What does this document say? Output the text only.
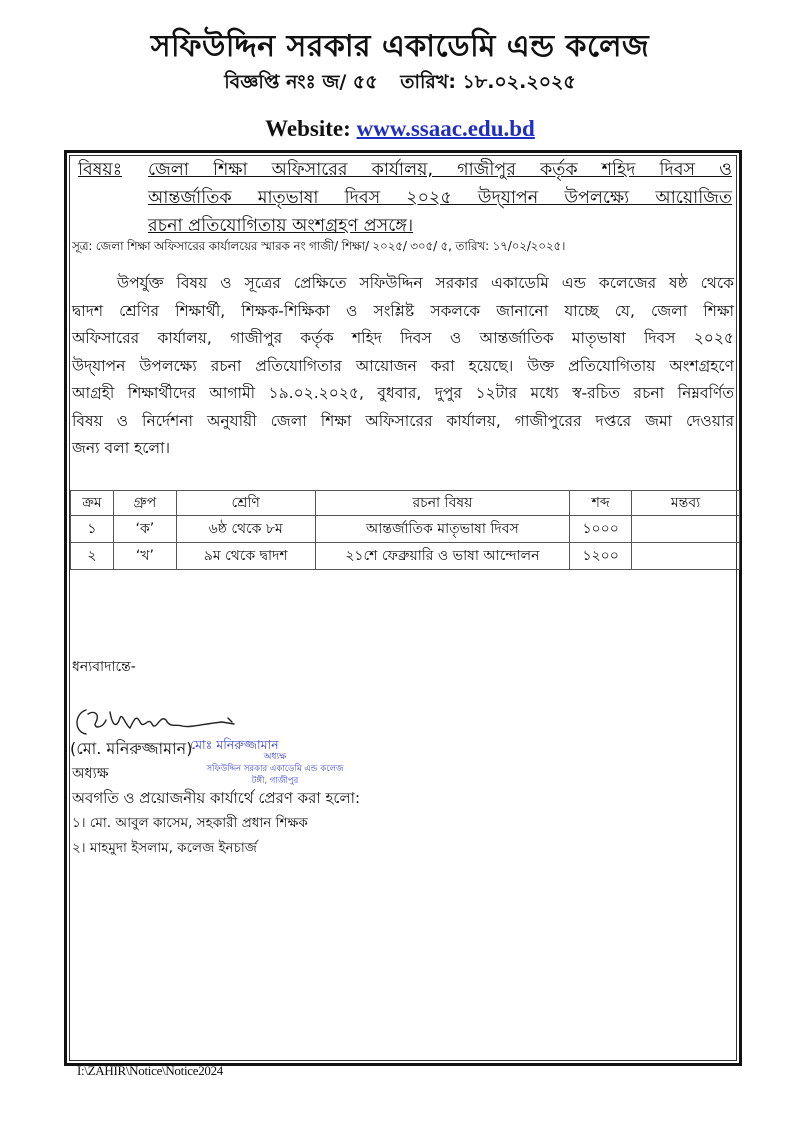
সফিউদ্দিন সরকার একাডেমি এন্ড কলেজ
বিজ্ঞপ্তি নংঃ জ/ ৫৫ তারিখ: ১৮.০২.২০২৫
Website: www.ssaac.edu.bd
বিষয়ঃ জেলা শিক্ষা অফিসারের কার্যালয়, গাজীপুর কর্তৃক শহিদ দিবস ও
আন্তর্জাতিক মাতৃভাষা দিবস ২০২৫ উদ্‌যাপন উপলক্ষ্যে আয়োজিত
রচনা প্রতিযোগিতায় অংশগ্রহণ প্রসঙ্গে।
সূত্র: জেলা শিক্ষা অফিসারের কার্যালয়ের স্মারক নং গাজী/ শিক্ষা/ ২০২৫/ ৩০৫/ ৫, তারিখ: ১৭/০২/২০২৫।
উপর্যুক্ত বিষয় ও সূত্রের প্রেক্ষিতে সফিউদ্দিন সরকার একাডেমি এন্ড কলেজের ষষ্ঠ থেকে
দ্বাদশ শ্রেণির শিক্ষার্থী, শিক্ষক-শিক্ষিকা ও সংশ্লিষ্ট সকলকে জানানো যাচ্ছে যে, জেলা শিক্ষা
অফিসারের কার্যালয়, গাজীপুর কর্তৃক শহিদ দিবস ও আন্তর্জাতিক মাতৃভাষা দিবস ২০২৫
উদ্‌যাপন উপলক্ষ্যে রচনা প্রতিযোগিতার আয়োজন করা হয়েছে। উক্ত প্রতিযোগিতায় অংশগ্রহণে
আগ্রহী শিক্ষার্থীদের আগামী ১৯.০২.২০২৫, বুধবার, দুপুর ১২টার মধ্যে স্ব-রচিত রচনা নিম্নবর্ণিত
বিষয় ও নির্দেশনা অনুযায়ী জেলা শিক্ষা অফিসারের কার্যালয়, গাজীপুরের দপ্তরে জমা দেওয়ার
জন্য বলা হলো।
ক্রম	গ্রুপ	শ্রেণি	রচনা বিষয়	শব্দ	মন্তব্য
১	‘ক’	৬ষ্ঠ থেকে ৮ম	আন্তর্জাতিক মাতৃভাষা দিবস	১০০০	
২	‘খ’	৯ম থেকে দ্বাদশ	২১শে ফেব্রুয়ারি ও ভাষা আন্দোলন	১২০০	
ধন্যবাদান্তে-
(মো. মনিরুজ্জামান)
মোঃ মনিরুজ্জামান
অধ্যক্ষ
সফিউদ্দিন সরকার একাডেমি এন্ড কলেজ
টঙ্গী, গাজীপুর
অধ্যক্ষ
অবগতি ও প্রয়োজনীয় কার্যার্থে প্রেরণ করা হলো:
১। মো. আবুল কাসেম, সহকারী প্রধান শিক্ষক
২। মাহমুদা ইসলাম, কলেজ ইনচার্জ
I:\ZAHIR\Notice\Notice2024
